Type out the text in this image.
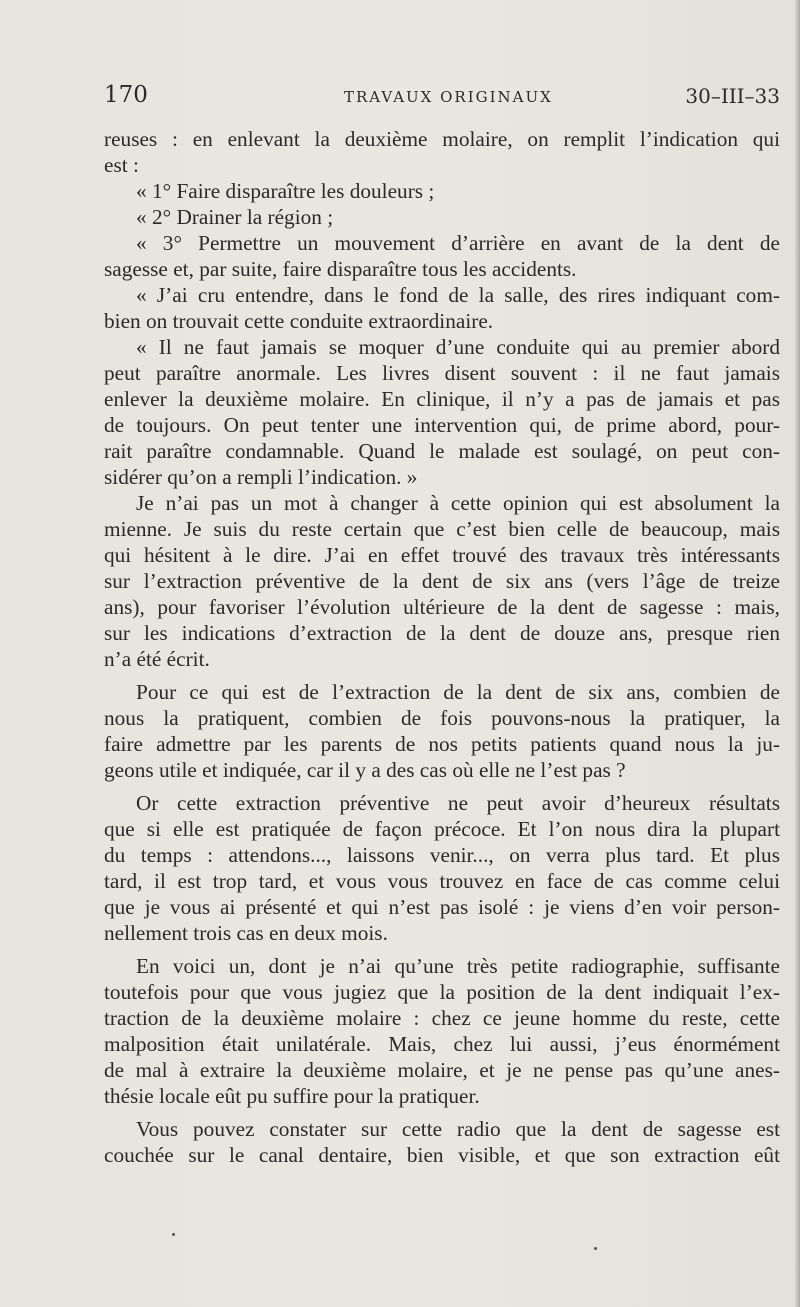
170	TRAVAUX ORIGINAUX	30–III–33
reuses : en enlevant la deuxième molaire, on remplit l’indication qui
est :
« 1° Faire disparaître les douleurs ;
« 2° Drainer la région ;
« 3° Permettre un mouvement d’arrière en avant de la dent de
sagesse et, par suite, faire disparaître tous les accidents.
« J’ai cru entendre, dans le fond de la salle, des rires indiquant com-
bien on trouvait cette conduite extraordinaire.
« Il ne faut jamais se moquer d’une conduite qui au premier abord
peut paraître anormale. Les livres disent souvent : il ne faut jamais
enlever la deuxième molaire. En clinique, il n’y a pas de jamais et pas
de toujours. On peut tenter une intervention qui, de prime abord, pour-
rait paraître condamnable. Quand le malade est soulagé, on peut con-
sidérer qu’on a rempli l’indication. »
Je n’ai pas un mot à changer à cette opinion qui est absolument la
mienne. Je suis du reste certain que c’est bien celle de beaucoup, mais
qui hésitent à le dire. J’ai en effet trouvé des travaux très intéressants
sur l’extraction préventive de la dent de six ans (vers l’âge de treize
ans), pour favoriser l’évolution ultérieure de la dent de sagesse : mais,
sur les indications d’extraction de la dent de douze ans, presque rien
n’a été écrit.
Pour ce qui est de l’extraction de la dent de six ans, combien de
nous la pratiquent, combien de fois pouvons-nous la pratiquer, la
faire admettre par les parents de nos petits patients quand nous la ju-
geons utile et indiquée, car il y a des cas où elle ne l’est pas ?
Or cette extraction préventive ne peut avoir d’heureux résultats
que si elle est pratiquée de façon précoce. Et l’on nous dira la plupart
du temps : attendons..., laissons venir..., on verra plus tard. Et plus
tard, il est trop tard, et vous vous trouvez en face de cas comme celui
que je vous ai présenté et qui n’est pas isolé : je viens d’en voir person-
nellement trois cas en deux mois.
En voici un, dont je n’ai qu’une très petite radiographie, suffisante
toutefois pour que vous jugiez que la position de la dent indiquait l’ex-
traction de la deuxième molaire : chez ce jeune homme du reste, cette
malposition était unilatérale. Mais, chez lui aussi, j’eus énormément
de mal à extraire la deuxième molaire, et je ne pense pas qu’une anes-
thésie locale eût pu suffire pour la pratiquer.
Vous pouvez constater sur cette radio que la dent de sagesse est
couchée sur le canal dentaire, bien visible, et que son extraction eût
